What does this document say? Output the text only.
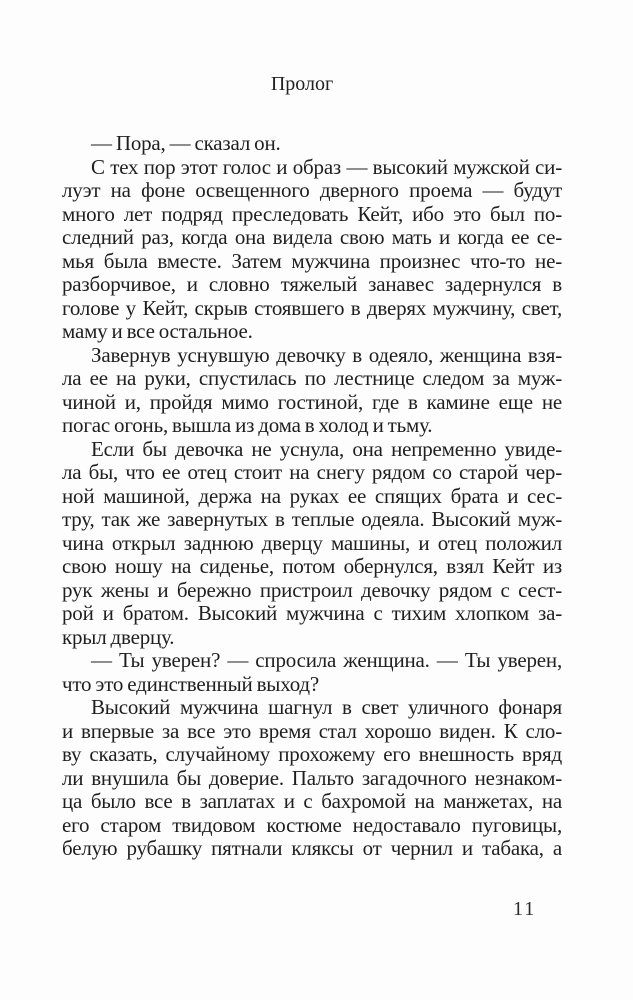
Пролог
— Пора, — сказал он.
С тех пор этот голос и образ — высокий мужской си-
луэт на фоне освещенного дверного проема — будут
много лет подряд преследовать Кейт, ибо это был по-
следний раз, когда она видела свою мать и когда ее се-
мья была вместе. Затем мужчина произнес что-то не-
разборчивое, и словно тяжелый занавес задернулся в
голове у Кейт, скрыв стоявшего в дверях мужчину, свет,
маму и все остальное.
Завернув уснувшую девочку в одеяло, женщина взя-
ла ее на руки, спустилась по лестнице следом за муж-
чиной и, пройдя мимо гостиной, где в камине еще не
погас огонь, вышла из дома в холод и тьму.
Если бы девочка не уснула, она непременно увиде-
ла бы, что ее отец стоит на снегу рядом со старой чер-
ной машиной, держа на руках ее спящих брата и сес-
тру, так же завернутых в теплые одеяла. Высокий муж-
чина открыл заднюю дверцу машины, и отец положил
свою ношу на сиденье, потом обернулся, взял Кейт из
рук жены и бережно пристроил девочку рядом с сест-
рой и братом. Высокий мужчина с тихим хлопком за-
крыл дверцу.
— Ты уверен? — спросила женщина. — Ты уверен,
что это единственный выход?
Высокий мужчина шагнул в свет уличного фонаря
и впервые за все это время стал хорошо виден. К сло-
ву сказать, случайному прохожему его внешность вряд
ли внушила бы доверие. Пальто загадочного незнаком-
ца было все в заплатах и с бахромой на манжетах, на
его старом твидовом костюме недоставало пуговицы,
белую рубашку пятнали кляксы от чернил и табака, а
11
